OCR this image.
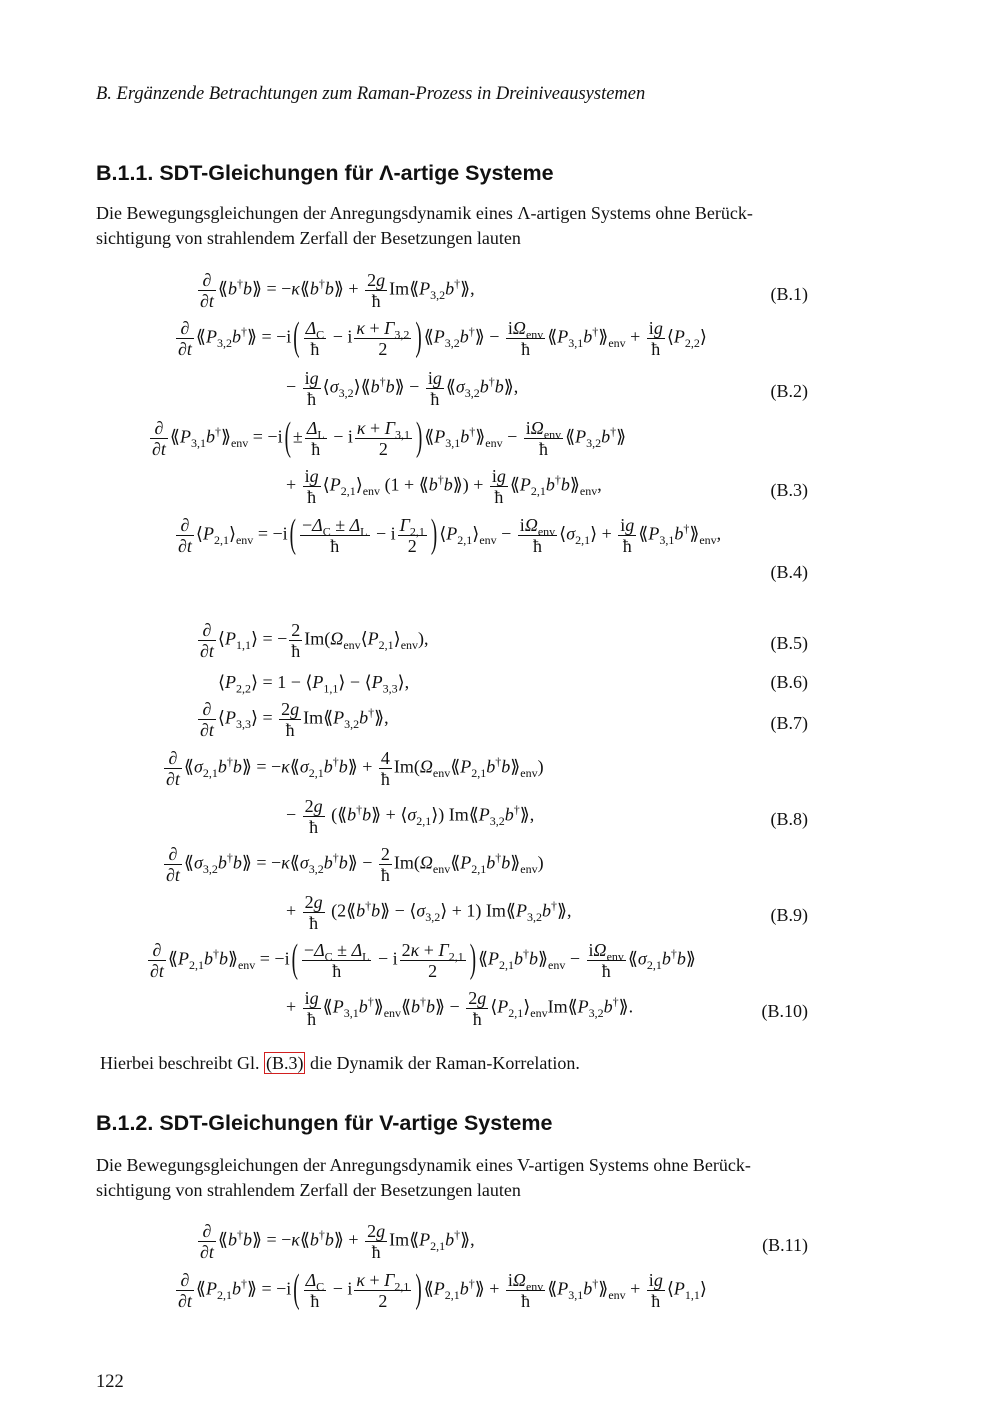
B. Ergänzende Betrachtungen zum Raman-Prozess in Dreiniveausystemen
B.1.1. SDT-Gleichungen für Λ-artige Systeme
Die Bewegungsgleichungen der Anregungsdynamik eines Λ-artigen Systems ohne Berück-
sichtigung von strahlendem Zerfall der Besetzungen lauten
$\frac{\partial}{\partial t}$ ⟪b†b⟫ = −κ⟪b†b⟫ + $\frac{2g}{ħ}$ $Im⟪P_{3,2}b^\dagger⟫$,	(B.1)
$\frac{\partial}{\partial t}$ $⟪P_{3,2}b^\dagger⟫ = -i$ ( $\frac{\Delta_C}{ħ} - i \frac{\kappa + \Gamma_{3,2}}{2}$ ) $⟪P_{3,2}b^\dagger⟫ - \frac{i\Omega_{env}}{ħ}$ $⟪P_{3,1}b^\dagger⟫_{env} + \frac{ig}{ħ}$ $⟨P_{2,2}⟩$
− $\frac{ig}{ħ}$ $⟨\sigma_{3,2}⟩⟪b^\dagger b⟫ - \frac{ig}{ħ}$ $⟪\sigma_{3,2}b^\dagger b⟫$,	(B.2)
$\frac{\partial}{\partial t}$ $⟪P_{3,1}b^\dagger⟫_{env} = -i$ ( ± $\frac{\Delta_L}{ħ} - i \frac{\kappa + \Gamma_{3,1}}{2}$ ) $⟪P_{3,1}b^\dagger⟫_{env} - \frac{i\Omega_{env}}{ħ}$ $⟪P_{3,2}b^\dagger⟫$
+ $\frac{ig}{ħ}$ $⟨P_{2,1}⟩_{env}$ (1 + ⟪b†b⟫) + $\frac{ig}{ħ}$ $⟪P_{2,1}b^\dagger b⟫_{env}$,	(B.3)
$\frac{\partial}{\partial t}$ $⟨P_{2,1}⟩_{env} = -i$ ( $\frac{-\Delta_C \pm \Delta_L}{ħ} - i \frac{\Gamma_{2,1}}{2}$ ) $⟨P_{2,1}⟩_{env} - \frac{i\Omega_{env}}{ħ}$ $⟨\sigma_{2,1}⟩ + \frac{ig}{ħ}$ $⟪P_{3,1}b^\dagger⟫_{env}$,
(B.4)
$\frac{\partial}{\partial t}$ $⟨P_{1,1}⟩$ = − $\frac{2}{ħ}$ $Im(\Omega_{env}⟨P_{2,1}⟩_{env})$,	(B.5)
$⟨P_{2,2}⟩ = 1$ − $⟨P_{1,1}⟩$ − $⟨P_{3,3}⟩$,	(B.6)
$\frac{\partial}{\partial t}$ $⟨P_{3,3}⟩ = \frac{2g}{ħ}$ $Im⟪P_{3,2}b^\dagger⟫$,	(B.7)
$\frac{\partial}{\partial t}$ $⟪\sigma_{2,1}b^\dagger b⟫$ = $-\kappa⟪\sigma_{2,1}b^\dagger b⟫ + \frac{4}{ħ}$ $Im(\Omega_{env}⟪P_{2,1}b^\dagger b⟫_{env})$
− $\frac{2g}{ħ}$ (⟪b†b⟫ + $⟨\sigma_{2,1}⟩$) $Im⟪P_{3,2}b^\dagger⟫$,	(B.8)
$\frac{\partial}{\partial t}$ $⟪\sigma_{3,2}b^\dagger b⟫$ = $-\kappa⟪\sigma_{3,2}b^\dagger b⟫ - \frac{2}{ħ}$ $Im(\Omega_{env}⟪P_{2,1}b^\dagger b⟫_{env})$
+ $\frac{2g}{ħ}$ (2⟪b†b⟫ − $⟨\sigma_{3,2}⟩ + 1$) $Im⟪P_{3,2}b^\dagger⟫$,	(B.9)
$\frac{\partial}{\partial t}$ $⟪P_{2,1}b^\dagger b⟫_{env} = -i$ ( $\frac{-\Delta_C \pm \Delta_L}{ħ} - i \frac{2\kappa + \Gamma_{2,1}}{2}$ ) $⟪P_{2,1}b^\dagger b⟫_{env} - \frac{i\Omega_{env}}{ħ}$ $⟪\sigma_{2,1}b^\dagger b⟫$
+ $\frac{ig}{ħ}$ $⟪P_{3,1}b^\dagger⟫_{env}⟪b^\dagger b⟫ - \frac{2g}{ħ}$ $⟨P_{2,1}⟩_{env}Im⟪P_{3,2}b^\dagger⟫$.	(B.10)
Hierbei beschreibt Gl. (B.3) die Dynamik der Raman-Korrelation.
B.1.2. SDT-Gleichungen für V-artige Systeme
Die Bewegungsgleichungen der Anregungsdynamik eines V-artigen Systems ohne Berück-
sichtigung von strahlendem Zerfall der Besetzungen lauten
$\frac{\partial}{\partial t}$ ⟪b†b⟫ = −κ⟪b†b⟫ + $\frac{2g}{ħ}$ $Im⟪P_{2,1}b^\dagger⟫$,	(B.11)
$\frac{\partial}{\partial t}$ $⟪P_{2,1}b^\dagger⟫ = -i$ ( $\frac{\Delta_C}{ħ} - i \frac{\kappa + \Gamma_{2,1}}{2}$ ) $⟪P_{2,1}b^\dagger⟫ + \frac{i\Omega_{env}}{ħ}$ $⟪P_{3,1}b^\dagger⟫_{env} + \frac{ig}{ħ}$ $⟨P_{1,1}⟩$
122
